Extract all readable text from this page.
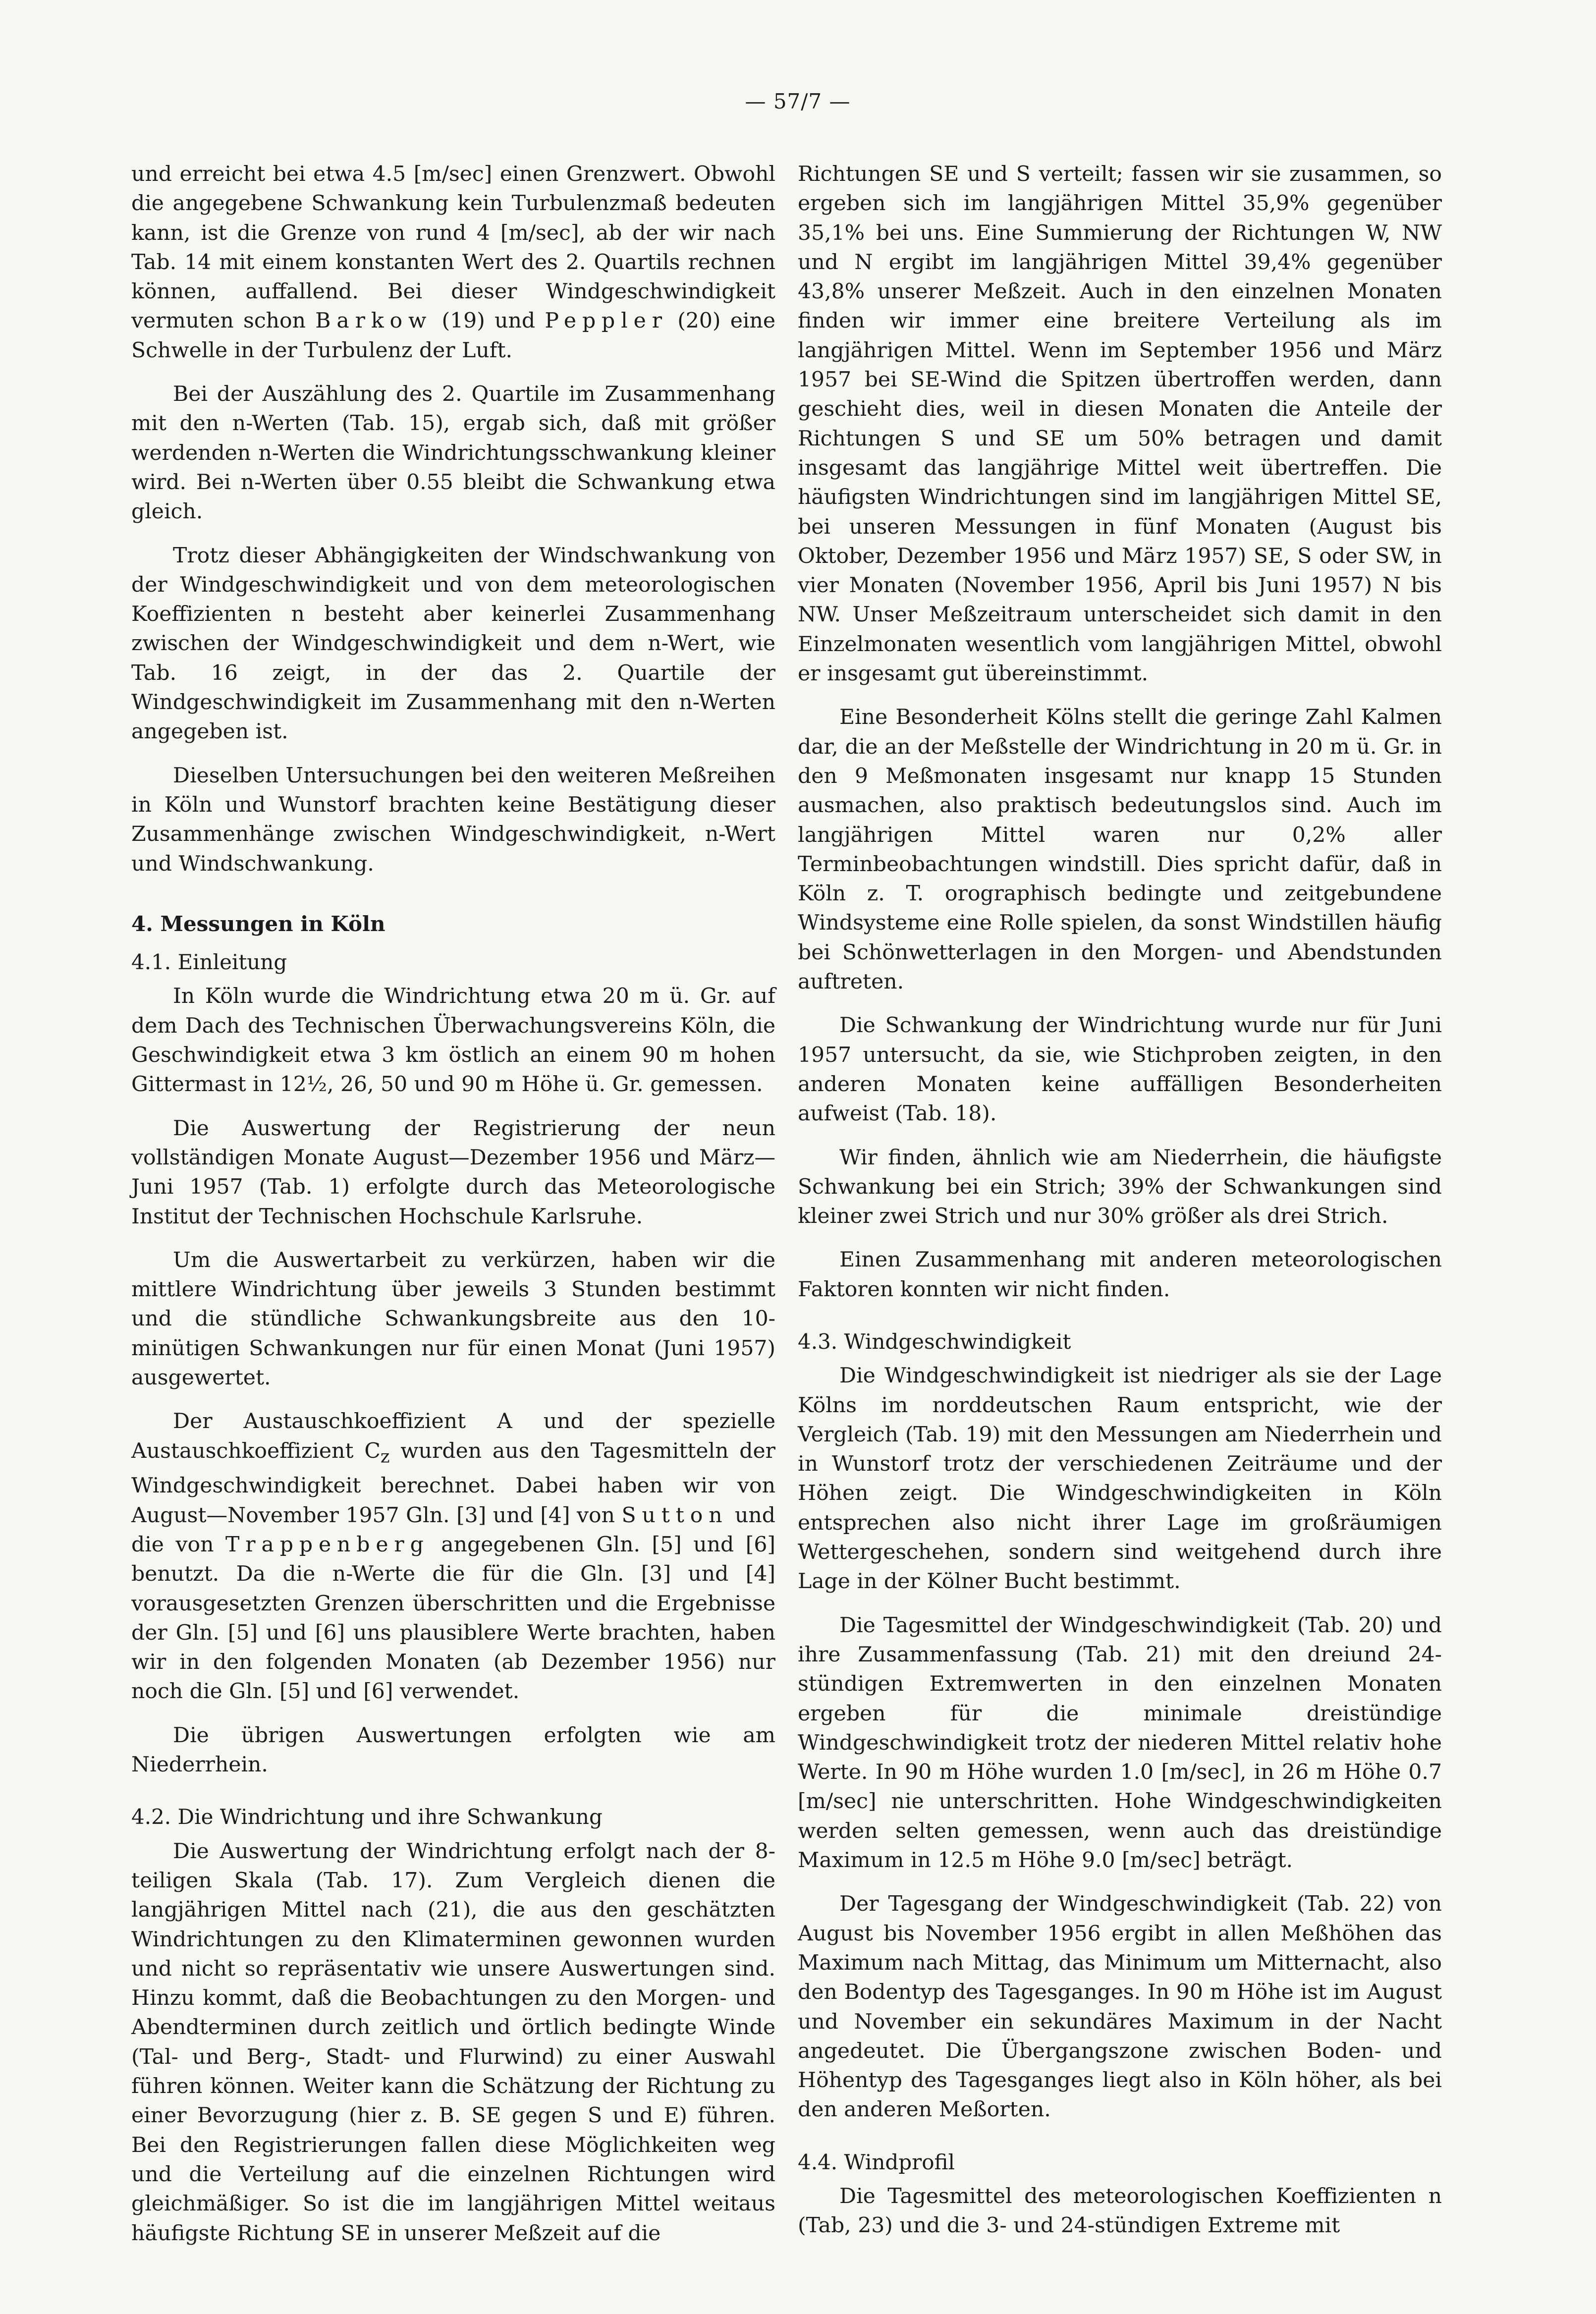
— 57/7 —

und erreicht bei etwa 4.5 [m/sec] einen Grenzwert. Obwohl die angegebene Schwankung kein Turbulenzmaß bedeuten kann, ist die Grenze von rund 4 [m/sec], ab der wir nach Tab. 14 mit einem konstanten Wert des 2. Quartils rechnen können, auffallend. Bei dieser Windgeschwindigkeit vermuten schon Barkow (19) und Peppler (20) eine Schwelle in der Turbulenz der Luft.

Bei der Auszählung des 2. Quartile im Zusammenhang mit den n-Werten (Tab. 15), ergab sich, daß mit größer werdenden n-Werten die Windrichtungsschwankung kleiner wird. Bei n-Werten über 0.55 bleibt die Schwankung etwa gleich.

Trotz dieser Abhängigkeiten der Windschwankung von der Windgeschwindigkeit und von dem meteorologischen Koeffizienten n besteht aber keinerlei Zusammenhang zwischen der Windgeschwindigkeit und dem n-Wert, wie Tab. 16 zeigt, in der das 2. Quartile der Windgeschwindigkeit im Zusammenhang mit den n-Werten angegeben ist.

Dieselben Untersuchungen bei den weiteren Meßreihen in Köln und Wunstorf brachten keine Bestätigung dieser Zusammenhänge zwischen Windgeschwindigkeit, n-Wert und Windschwankung.

4. Messungen in Köln
4.1. Einleitung

In Köln wurde die Windrichtung etwa 20 m ü. Gr. auf dem Dach des Technischen Überwachungsvereins Köln, die Geschwindigkeit etwa 3 km östlich an einem 90 m hohen Gittermast in 12½, 26, 50 und 90 m Höhe ü. Gr. gemessen.

Die Auswertung der Registrierung der neun vollständigen Monate August—Dezember 1956 und März—Juni 1957 (Tab. 1) erfolgte durch das Meteorologische Institut der Technischen Hochschule Karlsruhe.

Um die Auswertarbeit zu verkürzen, haben wir die mittlere Windrichtung über jeweils 3 Stunden bestimmt und die stündliche Schwankungsbreite aus den 10-minütigen Schwankungen nur für einen Monat (Juni 1957) ausgewertet.

Der Austauschkoeffizient A und der spezielle Austauschkoeffizient $C_z$ wurden aus den Tagesmitteln der Windgeschwindigkeit berechnet. Dabei haben wir von August—November 1957 Gln. [3] und [4] von Sutton und die von Trappenberg angegebenen Gln. [5] und [6] benutzt. Da die n-Werte die für die Gln. [3] und [4] vorausgesetzten Grenzen überschritten und die Ergebnisse der Gln. [5] und [6] uns plausiblere Werte brachten, haben wir in den folgenden Monaten (ab Dezember 1956) nur noch die Gln. [5] und [6] verwendet.

Die übrigen Auswertungen erfolgten wie am Niederrhein.

4.2. Die Windrichtung und ihre Schwankung

Die Auswertung der Windrichtung erfolgt nach der 8-teiligen Skala (Tab. 17). Zum Vergleich dienen die langjährigen Mittel nach (21), die aus den geschätzten Windrichtungen zu den Klimaterminen gewonnen wurden und nicht so repräsentativ wie unsere Auswertungen sind. Hinzu kommt, daß die Beobachtungen zu den Morgen- und Abendterminen durch zeitlich und örtlich bedingte Winde (Tal- und Berg-, Stadt- und Flurwind) zu einer Auswahl führen können. Weiter kann die Schätzung der Richtung zu einer Bevorzugung (hier z. B. SE gegen S und E) führen. Bei den Registrierungen fallen diese Möglichkeiten weg und die Verteilung auf die einzelnen Richtungen wird gleichmäßiger. So ist die im langjährigen Mittel weitaus häufigste Richtung SE in unserer Meßzeit auf die

Richtungen SE und S verteilt; fassen wir sie zusammen, so ergeben sich im langjährigen Mittel 35,9% gegenüber 35,1% bei uns. Eine Summierung der Richtungen W, NW und N ergibt im langjährigen Mittel 39,4% gegenüber 43,8% unserer Meßzeit. Auch in den einzelnen Monaten finden wir immer eine breitere Verteilung als im langjährigen Mittel. Wenn im September 1956 und März 1957 bei SE-Wind die Spitzen übertroffen werden, dann geschieht dies, weil in diesen Monaten die Anteile der Richtungen S und SE um 50% betragen und damit insgesamt das langjährige Mittel weit übertreffen. Die häufigsten Windrichtungen sind im langjährigen Mittel SE, bei unseren Messungen in fünf Monaten (August bis Oktober, Dezember 1956 und März 1957) SE, S oder SW, in vier Monaten (November 1956, April bis Juni 1957) N bis NW. Unser Meßzeitraum unterscheidet sich damit in den Einzelmonaten wesentlich vom langjährigen Mittel, obwohl er insgesamt gut übereinstimmt.

Eine Besonderheit Kölns stellt die geringe Zahl Kalmen dar, die an der Meßstelle der Windrichtung in 20 m ü. Gr. in den 9 Meßmonaten insgesamt nur knapp 15 Stunden ausmachen, also praktisch bedeutungslos sind. Auch im langjährigen Mittel waren nur 0,2% aller Terminbeobachtungen windstill. Dies spricht dafür, daß in Köln z. T. orographisch bedingte und zeitgebundene Windsysteme eine Rolle spielen, da sonst Windstillen häufig bei Schönwetterlagen in den Morgen- und Abendstunden auftreten.

Die Schwankung der Windrichtung wurde nur für Juni 1957 untersucht, da sie, wie Stichproben zeigten, in den anderen Monaten keine auffälligen Besonderheiten aufweist (Tab. 18).

Wir finden, ähnlich wie am Niederrhein, die häufigste Schwankung bei ein Strich; 39% der Schwankungen sind kleiner zwei Strich und nur 30% größer als drei Strich.

Einen Zusammenhang mit anderen meteorologischen Faktoren konnten wir nicht finden.

4.3. Windgeschwindigkeit

Die Windgeschwindigkeit ist niedriger als sie der Lage Kölns im norddeutschen Raum entspricht, wie der Vergleich (Tab. 19) mit den Messungen am Niederrhein und in Wunstorf trotz der verschiedenen Zeiträume und der Höhen zeigt. Die Windgeschwindigkeiten in Köln entsprechen also nicht ihrer Lage im großräumigen Wettergeschehen, sondern sind weitgehend durch ihre Lage in der Kölner Bucht bestimmt.

Die Tagesmittel der Windgeschwindigkeit (Tab. 20) und ihre Zusammenfassung (Tab. 21) mit den dreiund 24-stündigen Extremwerten in den einzelnen Monaten ergeben für die minimale dreistündige Windgeschwindigkeit trotz der niederen Mittel relativ hohe Werte. In 90 m Höhe wurden 1.0 [m/sec], in 26 m Höhe 0.7 [m/sec] nie unterschritten. Hohe Windgeschwindigkeiten werden selten gemessen, wenn auch das dreistündige Maximum in 12.5 m Höhe 9.0 [m/sec] beträgt.

Der Tagesgang der Windgeschwindigkeit (Tab. 22) von August bis November 1956 ergibt in allen Meßhöhen das Maximum nach Mittag, das Minimum um Mitternacht, also den Bodentyp des Tagesganges. In 90 m Höhe ist im August und November ein sekundäres Maximum in der Nacht angedeutet. Die Übergangszone zwischen Boden- und Höhentyp des Tagesganges liegt also in Köln höher, als bei den anderen Meßorten.

4.4. Windprofil

Die Tagesmittel des meteorologischen Koeffizienten n (Tab, 23) und die 3- und 24-stündigen Extreme mit
